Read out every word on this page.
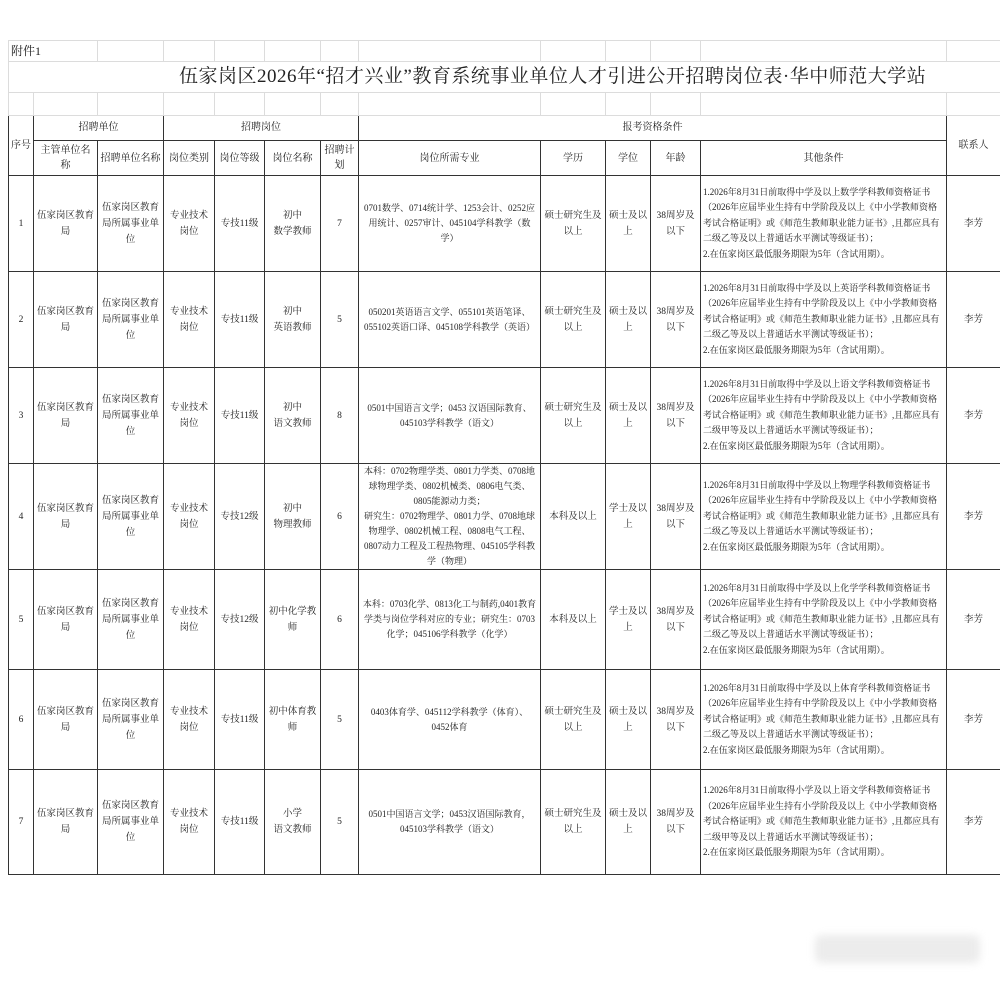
附件1												
伍家岗区2026年“招才兴业”教育系统事业单位人才引进公开招聘岗位表·华中师范大学站												

序号	招聘单位		招聘岗位				报考资格条件					联系人
	主管单位名称	招聘单位名称	岗位类别	岗位等级	岗位名称	招聘计划	岗位所需专业	学历	学位	年龄	其他条件	
1	伍家岗区教育局	伍家岗区教育局所属事业单位	专业技术岗位	专技11级	初中
数学教师	7	0701数学、0714统计学、1253会计、0252应用统计、0257审计、045104学科教学（数学）	硕士研究生及以上	硕士及以上	38周岁及以下	1.2026年8月31日前取得中学及以上数学学科教师资格证书（2026年应届毕业生持有中学阶段及以上《中小学教师资格考试合格证明》或《师范生教师职业能力证书》,且都应具有二级乙等及以上普通话水平测试等级证书）；
2.在伍家岗区最低服务期限为5年（含试用期）。	李芳
2	伍家岗区教育局	伍家岗区教育局所属事业单位	专业技术岗位	专技11级	初中
英语教师	5	050201英语语言文学、055101英语笔译、055102英语口译、045108学科教学（英语）	硕士研究生及以上	硕士及以上	38周岁及以下	1.2026年8月31日前取得中学及以上英语学科教师资格证书（2026年应届毕业生持有中学阶段及以上《中小学教师资格考试合格证明》或《师范生教师职业能力证书》,且都应具有二级乙等及以上普通话水平测试等级证书）；
2.在伍家岗区最低服务期限为5年（含试用期）。	李芳
3	伍家岗区教育局	伍家岗区教育局所属事业单位	专业技术岗位	专技11级	初中
语文教师	8	0501中国语言文学；0453 汉语国际教育、045103学科教学（语文）	硕士研究生及以上	硕士及以上	38周岁及以下	1.2026年8月31日前取得中学及以上语文学科教师资格证书（2026年应届毕业生持有中学阶段及以上《中小学教师资格考试合格证明》或《师范生教师职业能力证书》,且都应具有二级甲等及以上普通话水平测试等级证书）；
2.在伍家岗区最低服务期限为5年（含试用期）。	李芳
4	伍家岗区教育局	伍家岗区教育局所属事业单位	专业技术岗位	专技12级	初中
物理教师	6	本科：0702物理学类、0801力学类、0708地球物理学类、0802机械类、0806电气类、0805能源动力类；
研究生：0702物理学、0801力学、0708地球物理学、0802机械工程、0808电气工程、0807动力工程及工程热物理、045105学科教学（物理）	本科及以上	学士及以上	38周岁及以下	1.2026年8月31日前取得中学及以上物理学科教师资格证书（2026年应届毕业生持有中学阶段及以上《中小学教师资格考试合格证明》或《师范生教师职业能力证书》,且都应具有二级乙等及以上普通话水平测试等级证书）；
2.在伍家岗区最低服务期限为5年（含试用期）。	李芳
5	伍家岗区教育局	伍家岗区教育局所属事业单位	专业技术岗位	专技12级	初中化学教师	6	本科：0703化学、0813化工与制药,0401教育学类与岗位学科对应的专业；研究生：0703化学；045106学科教学（化学）	本科及以上	学士及以上	38周岁及以下	1.2026年8月31日前取得中学及以上化学学科教师资格证书（2026年应届毕业生持有中学阶段及以上《中小学教师资格考试合格证明》或《师范生教师职业能力证书》,且都应具有二级乙等及以上普通话水平测试等级证书）；
2.在伍家岗区最低服务期限为5年（含试用期）。	李芳
6	伍家岗区教育局	伍家岗区教育局所属事业单位	专业技术岗位	专技11级	初中体育教师	5	0403体育学、045112学科教学（体育）、0452体育	硕士研究生及以上	硕士及以上	38周岁及以下	1.2026年8月31日前取得中学及以上体育学科教师资格证书（2026年应届毕业生持有中学阶段及以上《中小学教师资格考试合格证明》或《师范生教师职业能力证书》,且都应具有二级乙等及以上普通话水平测试等级证书）；
2.在伍家岗区最低服务期限为5年（含试用期）。	李芳
7	伍家岗区教育局	伍家岗区教育局所属事业单位	专业技术岗位	专技11级	小学
语文教师	5	0501中国语言文学；0453汉语国际教育，045103学科教学（语文）	硕士研究生及以上	硕士及以上	38周岁及以下	1.2026年8月31日前取得小学及以上语文学科教师资格证书（2026年应届毕业生持有小学阶段及以上《中小学教师资格考试合格证明》或《师范生教师职业能力证书》,且都应具有二级甲等及以上普通话水平测试等级证书）；
2.在伍家岗区最低服务期限为5年（含试用期）。	李芳
